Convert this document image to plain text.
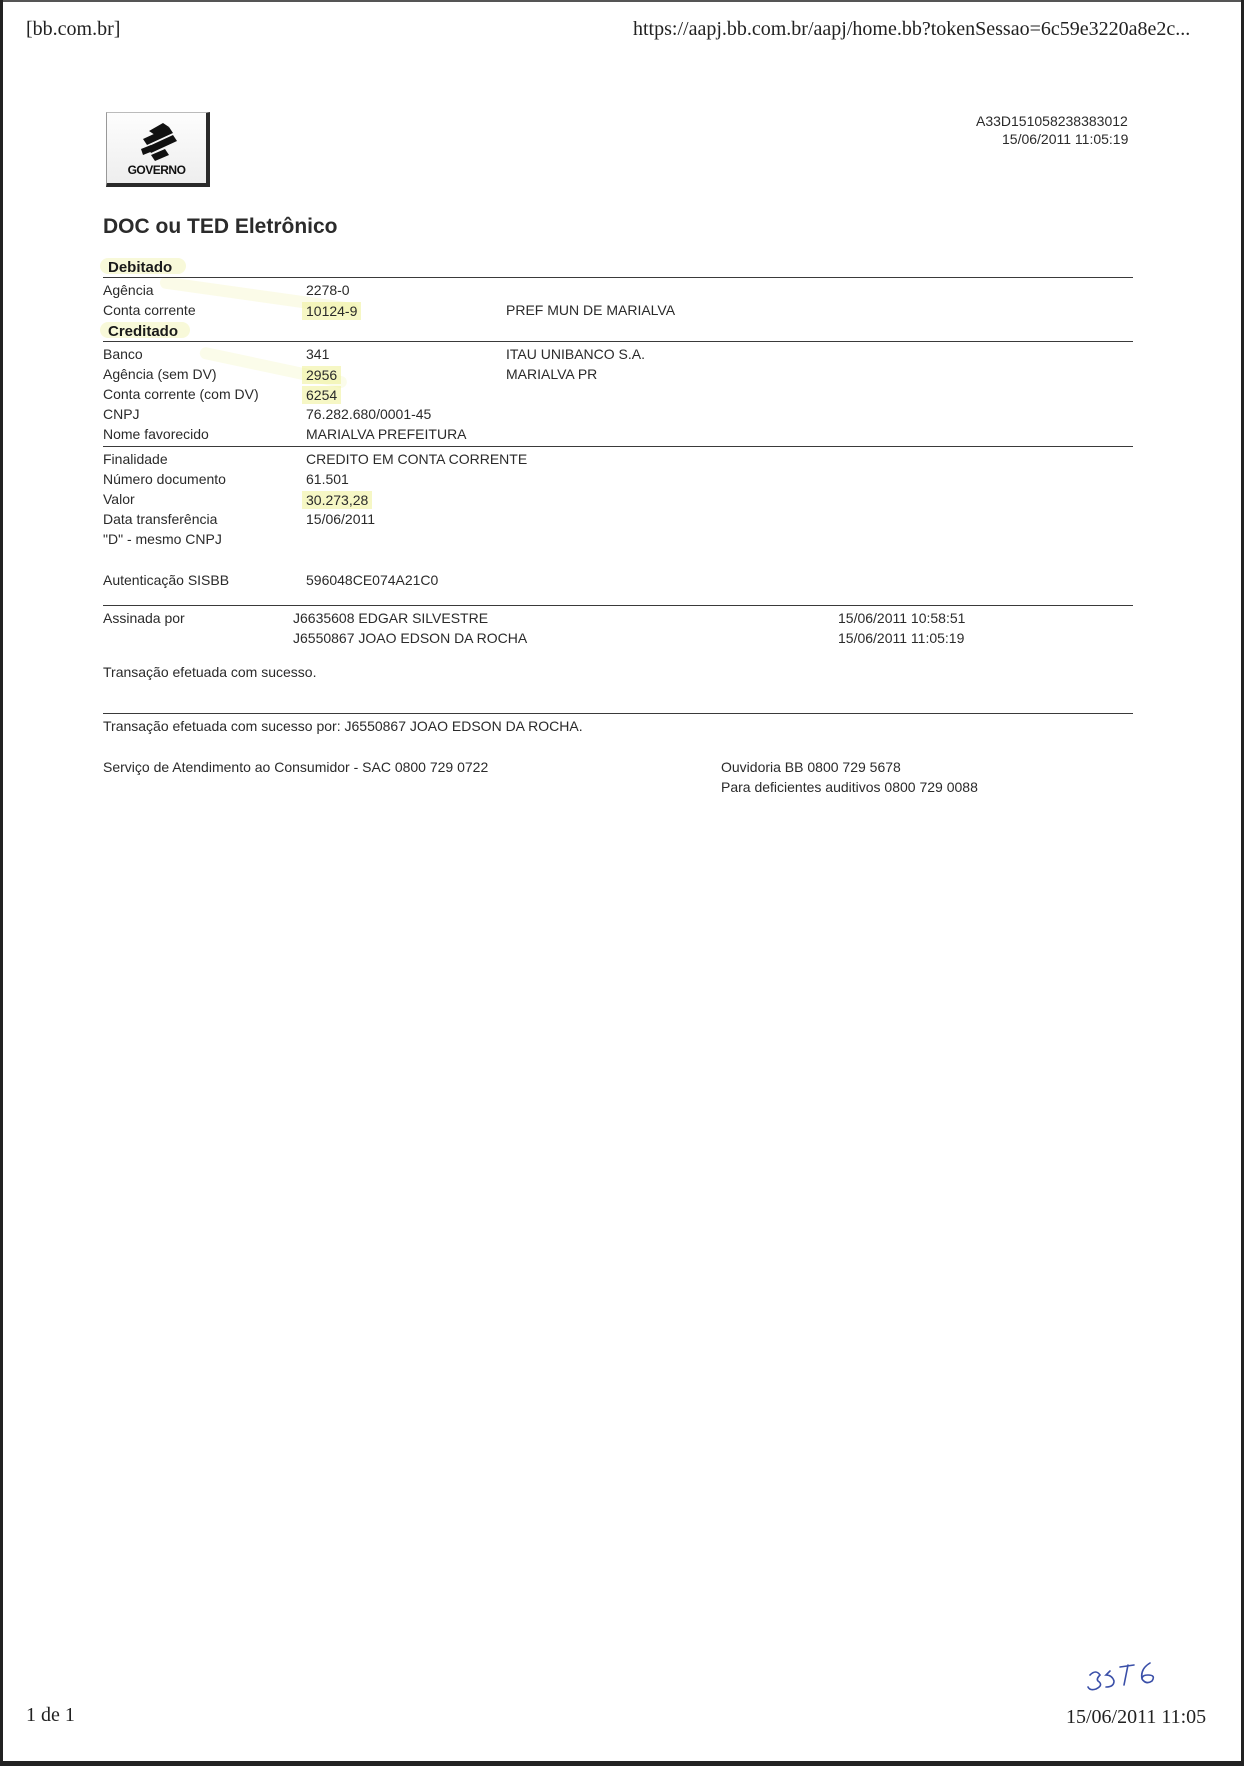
[bb.com.br]	https://aapj.bb.com.br/aapj/home.bb?tokenSessao=6c59e3220a8e2c...
GOVERNO
A33D151058238383012
15/06/2011 11:05:19
DOC ou TED Eletrônico
Debitado
Agência	2278-0
Conta corrente	10124-9	PREF MUN DE MARIALVA
Creditado
Banco	341	ITAU UNIBANCO S.A.
Agência (sem DV)	2956	MARIALVA PR
Conta corrente (com DV)	6254
CNPJ	76.282.680/0001-45
Nome favorecido	MARIALVA PREFEITURA
Finalidade	CREDITO EM CONTA CORRENTE
Número documento	61.501
Valor	30.273,28
Data transferência	15/06/2011
"D" - mesmo CNPJ
Autenticação SISBB	596048CE074A21C0
Assinada por	J6635608 EDGAR SILVESTRE	15/06/2011 10:58:51
J6550867 JOAO EDSON DA ROCHA	15/06/2011 11:05:19
Transação efetuada com sucesso.
Transação efetuada com sucesso por: J6550867 JOAO EDSON DA ROCHA.
Serviço de Atendimento ao Consumidor - SAC 0800 729 0722	Ouvidoria BB 0800 729 5678
Para deficientes auditivos 0800 729 0088
1 de 1	15/06/2011 11:05
